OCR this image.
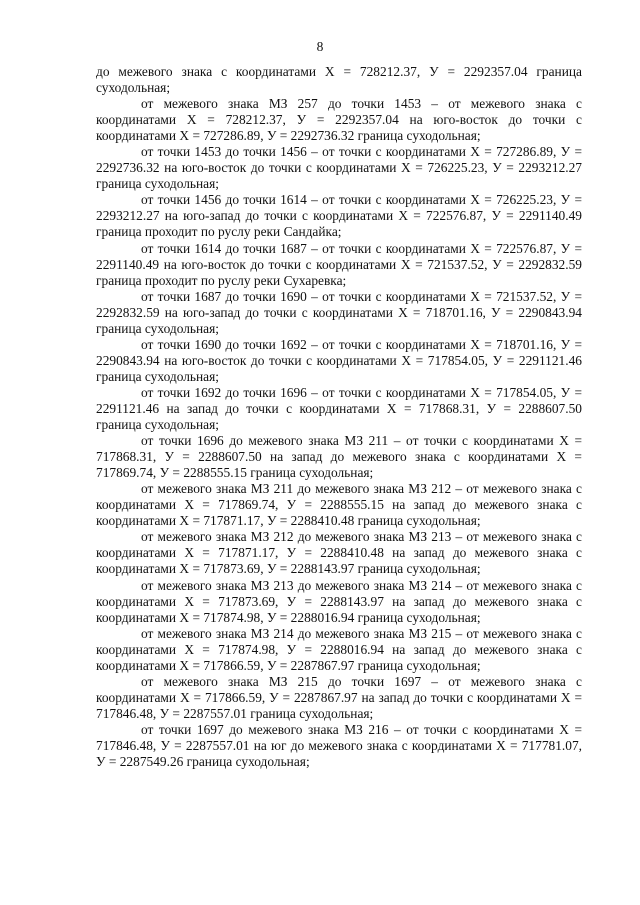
8

до межевого знака с координатами Х = 728212.37, У = 2292357.04 граница суходольная;

от межевого знака МЗ 257 до точки 1453 – от межевого знака с координатами Х = 728212.37, У = 2292357.04 на юго-восток до точки с координатами Х = 727286.89, У = 2292736.32 граница суходольная;

от точки 1453 до точки 1456 – от точки с координатами Х = 727286.89, У = 2292736.32 на юго-восток до точки с координатами Х = 726225.23, У = 2293212.27 граница суходольная;

от точки 1456 до точки 1614 – от точки с координатами Х = 726225.23, У = 2293212.27 на юго-запад до точки с координатами Х = 722576.87, У = 2291140.49 граница проходит по руслу реки Сандайка;

от точки 1614 до точки 1687 – от точки с координатами Х = 722576.87, У = 2291140.49 на юго-восток до точки с координатами Х = 721537.52, У = 2292832.59 граница проходит по руслу реки Сухаревка;

от точки 1687 до точки 1690 – от точки с координатами Х = 721537.52, У = 2292832.59 на юго-запад до точки с координатами Х = 718701.16, У = 2290843.94 граница суходольная;

от точки 1690 до точки 1692 – от точки с координатами Х = 718701.16, У = 2290843.94 на юго-восток до точки с координатами Х = 717854.05, У = 2291121.46 граница суходольная;

от точки 1692 до точки 1696 – от точки с координатами Х = 717854.05, У = 2291121.46 на запад до точки с координатами Х = 717868.31, У = 2288607.50 граница суходольная;

от точки 1696 до межевого знака МЗ 211 – от точки с координатами Х = 717868.31, У = 2288607.50 на запад до межевого знака с координатами Х = 717869.74, У = 2288555.15 граница суходольная;

от межевого знака МЗ 211 до межевого знака МЗ 212 – от межевого знака с координатами Х = 717869.74, У = 2288555.15 на запад до межевого знака с координатами Х = 717871.17, У = 2288410.48 граница суходольная;

от межевого знака МЗ 212 до межевого знака МЗ 213 – от межевого знака с координатами Х = 717871.17, У = 2288410.48 на запад до межевого знака с координатами Х = 717873.69, У = 2288143.97 граница суходольная;

от межевого знака МЗ 213 до межевого знака МЗ 214 – от межевого знака с координатами Х = 717873.69, У = 2288143.97 на запад до межевого знака с координатами Х = 717874.98, У = 2288016.94 граница суходольная;

от межевого знака МЗ 214 до межевого знака МЗ 215 – от межевого знака с координатами Х = 717874.98, У = 2288016.94 на запад до межевого знака с координатами Х = 717866.59, У = 2287867.97 граница суходольная;

от межевого знака МЗ 215 до точки 1697 – от межевого знака с координатами Х = 717866.59, У = 2287867.97 на запад до точки с координатами Х = 717846.48, У = 2287557.01 граница суходольная;

от точки 1697 до межевого знака МЗ 216 – от точки с координатами Х = 717846.48, У = 2287557.01 на юг до межевого знака с координатами Х = 717781.07, У = 2287549.26 граница суходольная;
